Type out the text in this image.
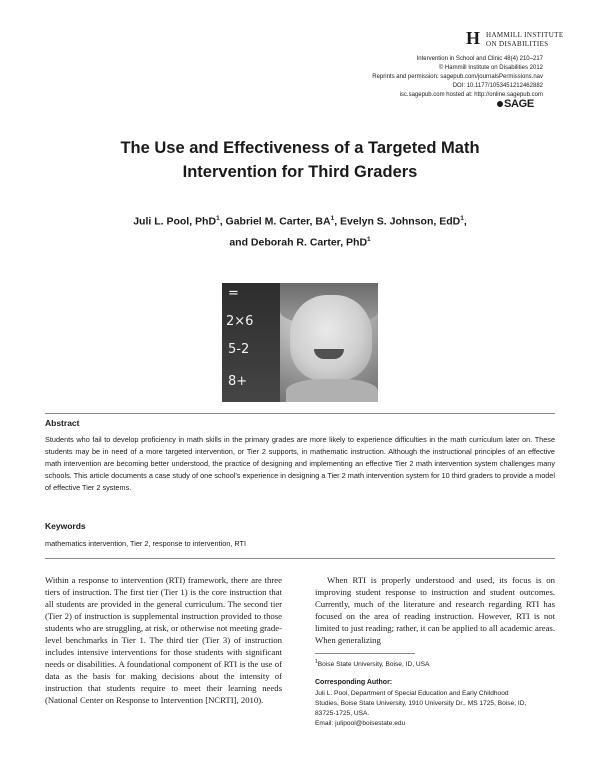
H HAMMILL INSTITUTE
ON DISABILITIES
Intervention in School and Clinic 48(4) 210–217
© Hammill Institute on Disabilities 2012
Reprints and permission: sagepub.com/journalsPermissions.nav
DOI: 10.1177/1053451212462882
isc.sagepub.com hosted at: http://online.sagepub.com
SAGE
The Use and Effectiveness of a Targeted Math
Intervention for Third Graders
Juli L. Pool, PhD$^1$, Gabriel M. Carter, $BA^1$, Evelyn S. Johnson, EdD$^1$,
and Deborah R. Carter, PhD$^1$
=
2×6
5-2
8+
Abstract
Students who fail to develop proficiency in math skills in the primary grades are more likely to experience difficulties in the math curriculum later on. These students may be in need of a more targeted intervention, or Tier 2 supports, in mathematic instruction. Although the instructional principles of an effective math intervention are becoming better understood, the practice of designing and implementing an effective Tier 2 math intervention system challenges many schools. This article documents a case study of one school's experience in designing a Tier 2 math intervention system for 10 third graders to provide a model of effective Tier 2 systems.
Keywords
mathematics intervention, Tier 2, response to intervention, RTI
Within a response to intervention (RTI) framework, there are three tiers of instruction. The first tier (Tier 1) is the core instruction that all students are provided in the general curriculum. The second tier (Tier 2) of instruction is supplemental instruction provided to those students who are struggling, at risk, or otherwise not meeting grade-level benchmarks in Tier 1. The third tier (Tier 3) of instruction includes intensive interventions for those students with significant needs or disabilities. A foundational component of RTI is the use of data as the basis for making decisions about the intensity of instruction that students require to meet their learning needs (National Center on Response to Intervention [NCRTI], 2010).
When RTI is properly understood and used, its focus is on improving student response to instruction and student outcomes. Currently, much of the literature and research regarding RTI has focused on the area of reading instruction. However, RTI is not limited to just reading; rather, it can be applied to all academic areas. When generalizing
$^1$Boise State University, Boise, ID, USA
Corresponding Author:
Juli L. Pool, Department of Special Education and Early Childhood
Studies, Boise State University, 1910 University Dr., MS 1725, Boise, ID,
83725-1725, USA.
Email: julipool@boisestate.edu
